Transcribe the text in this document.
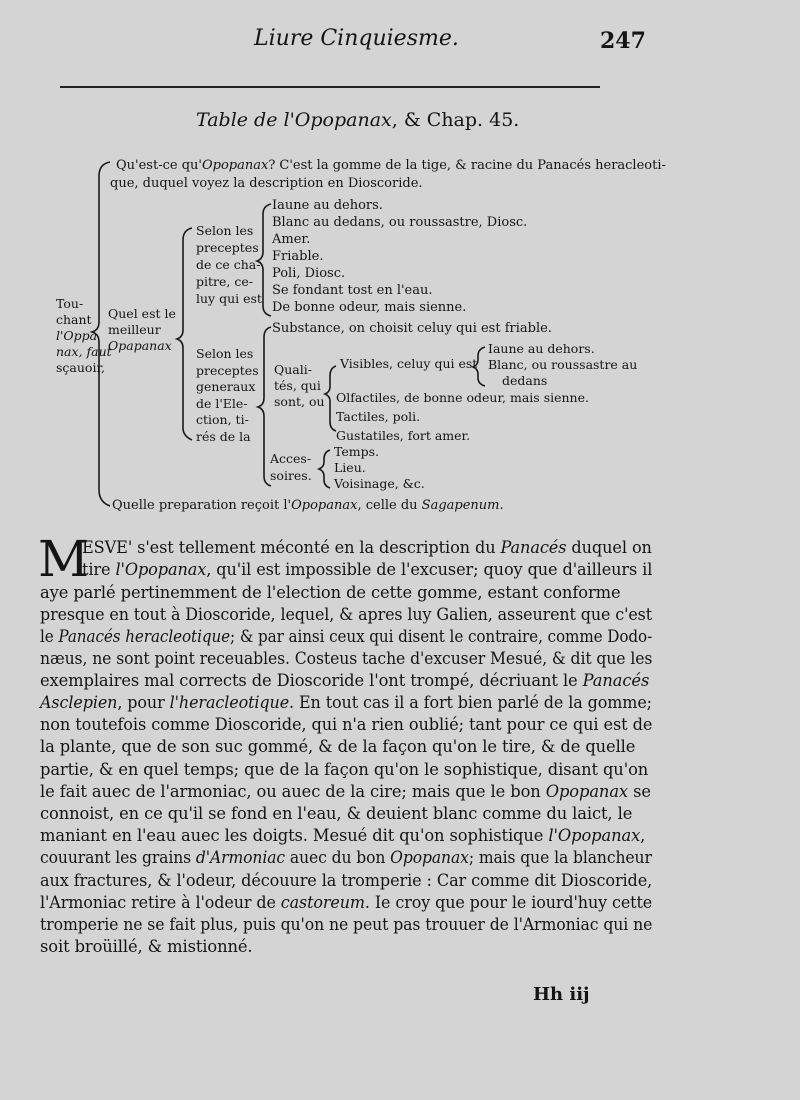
Liure Cinquiesme.	247
Table de l'Opopanax, & Chap. 45.
Qu'est-ce qu'Opopanax? C'est la gomme de la tige, & racine du Panacés heracleoti-
que, duquel voyez la description en Dioscoride.
Tou-
chant
l'Oppa
nax, faut
sçauoir,
Quel est le
meilleur
Opapanax
Selon les
preceptes
de ce cha-
pitre, ce-
luy qui est
Iaune au dehors.
Blanc au dedans, ou roussastre, Diosc.
Amer.
Friable.
Poli, Diosc.
Se fondant tost en l'eau.
De bonne odeur, mais sienne.
Selon les
preceptes
generaux
de l'Ele-
ction, ti-
rés de la
Substance, on choisit celuy qui est friable.
Quali-
tés, qui
sont, ou
Visibles, celuy qui est
Iaune au dehors.
Blanc, ou roussastre au
dedans
Olfactiles, de bonne odeur, mais sienne.
Tactiles, poli.
Gustatiles, fort amer.
Acces-
soires.
Temps.
Lieu.
Voisinage, &c.
Quelle preparation reçoit l'Opopanax, celle du Sagapenum.
M
ESVE' s'est tellement méconté en la description du Panacés duquel on
tire l'Opopanax, qu'il est impossible de l'excuser; quoy que d'ailleurs il
aye parlé pertinemment de l'election de cette gomme, estant conforme
presque en tout à Dioscoride, lequel, & apres luy Galien, asseurent que c'est
le Panacés heracleotique; & par ainsi ceux qui disent le contraire, comme Dodo-
næus, ne sont point receuables. Costeus tache d'excuser Mesué, & dit que les
exemplaires mal corrects de Dioscoride l'ont trompé, décriuant le Panacés
Asclepien, pour l'heracleotique. En tout cas il a fort bien parlé de la gomme;
non toutefois comme Dioscoride, qui n'a rien oublié; tant pour ce qui est de
la plante, que de son suc gommé, & de la façon qu'on le tire, & de quelle
partie, & en quel temps; que de la façon qu'on le sophistique, disant qu'on
le fait auec de l'armoniac, ou auec de la cire; mais que le bon Opopanax se
connoist, en ce qu'il se fond en l'eau, & deuient blanc comme du laict, le
maniant en l'eau auec les doigts. Mesué dit qu'on sophistique l'Opopanax,
couurant les grains d'Armoniac auec du bon Opopanax; mais que la blancheur
aux fractures, & l'odeur, découure la tromperie : Car comme dit Dioscoride,
l'Armoniac retire à l'odeur de castoreum. Ie croy que pour le iourd'huy cette
tromperie ne se fait plus, puis qu'on ne peut pas trouuer de l'Armoniac qui ne
soit broüillé, & mistionné.
Hh iij
